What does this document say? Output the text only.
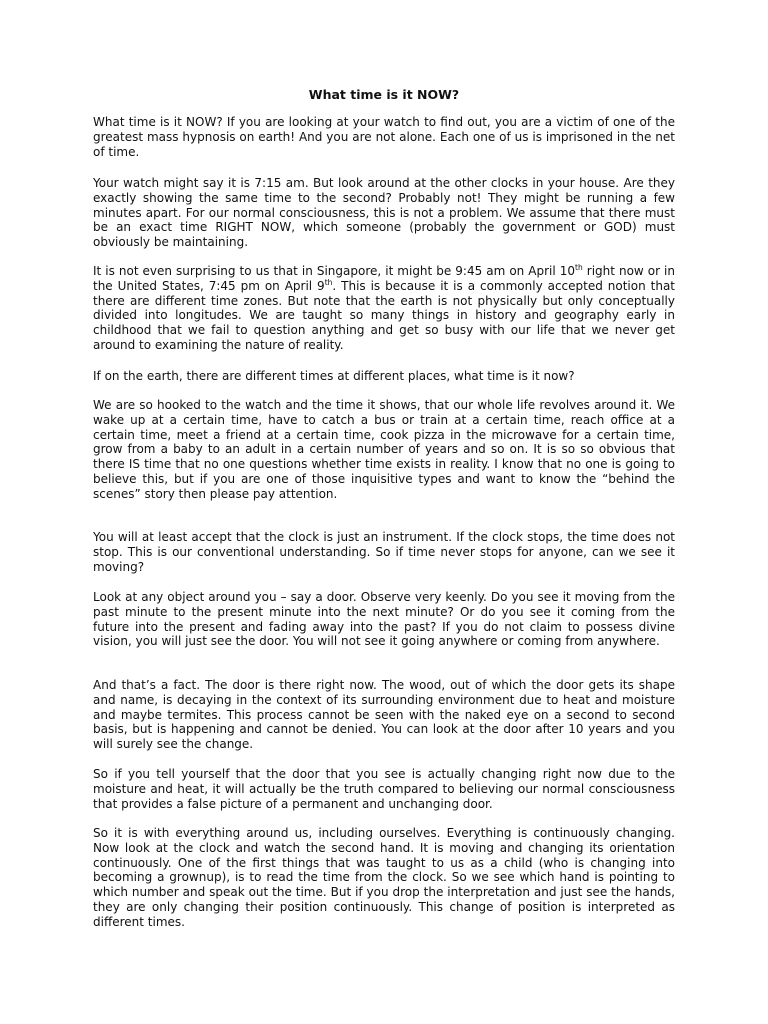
What time is it NOW?

What time is it NOW? If you are looking at your watch to find out, you are a victim of one of the greatest mass hypnosis on earth! And you are not alone. Each one of us is imprisoned in the net of time.

Your watch might say it is 7:15 am. But look around at the other clocks in your house. Are they exactly showing the same time to the second? Probably not! They might be running a few minutes apart. For our normal consciousness, this is not a problem. We assume that there must be an exact time RIGHT NOW, which someone (probably the government or GOD) must obviously be maintaining.

It is not even surprising to us that in Singapore, it might be 9:45 am on April 10th right now or in the United States, 7:45 pm on April 9th. This is because it is a commonly accepted notion that there are different time zones. But note that the earth is not physically but only conceptually divided into longitudes. We are taught so many things in history and geography early in childhood that we fail to question anything and get so busy with our life that we never get around to examining the nature of reality.

If on the earth, there are different times at different places, what time is it now?

We are so hooked to the watch and the time it shows, that our whole life revolves around it. We wake up at a certain time, have to catch a bus or train at a certain time, reach office at a certain time, meet a friend at a certain time, cook pizza in the microwave for a certain time, grow from a baby to an adult in a certain number of years and so on. It is so so obvious that there IS time that no one questions whether time exists in reality. I know that no one is going to believe this, but if you are one of those inquisitive types and want to know the “behind the scenes” story then please pay attention.

You will at least accept that the clock is just an instrument. If the clock stops, the time does not stop. This is our conventional understanding. So if time never stops for anyone, can we see it moving?

Look at any object around you – say a door. Observe very keenly. Do you see it moving from the past minute to the present minute into the next minute? Or do you see it coming from the future into the present and fading away into the past? If you do not claim to possess divine vision, you will just see the door. You will not see it going anywhere or coming from anywhere.

And that’s a fact. The door is there right now. The wood, out of which the door gets its shape and name, is decaying in the context of its surrounding environment due to heat and moisture and maybe termites. This process cannot be seen with the naked eye on a second to second basis, but is happening and cannot be denied. You can look at the door after 10 years and you will surely see the change.

So if you tell yourself that the door that you see is actually changing right now due to the moisture and heat, it will actually be the truth compared to believing our normal consciousness that provides a false picture of a permanent and unchanging door.

So it is with everything around us, including ourselves. Everything is continuously changing. Now look at the clock and watch the second hand. It is moving and changing its orientation continuously. One of the first things that was taught to us as a child (who is changing into becoming a grownup), is to read the time from the clock. So we see which hand is pointing to which number and speak out the time. But if you drop the interpretation and just see the hands, they are only changing their position continuously. This change of position is interpreted as different times.
